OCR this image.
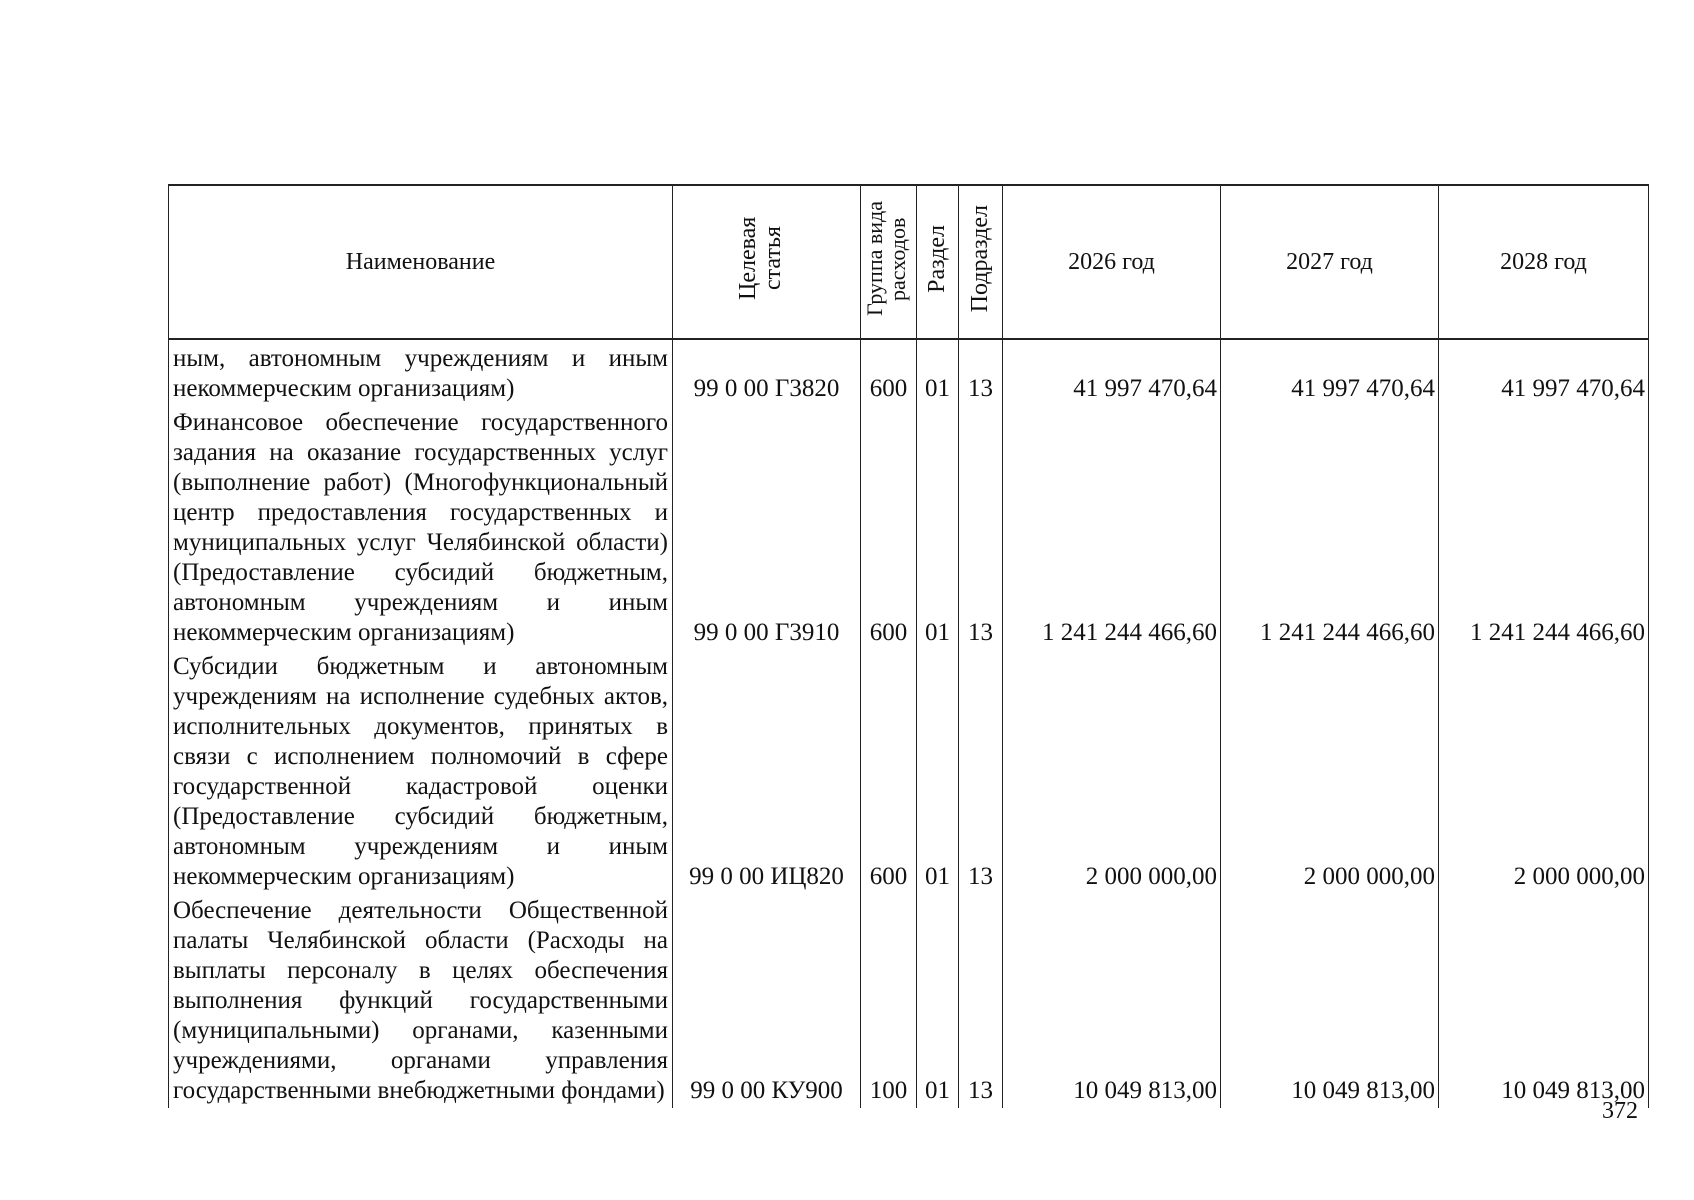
Наименование	Целевая статья	Группа вида расходов	Раздел	Подраздел	2026 год	2027 год	2028 год
ным, автономным учреждениям и иным некоммерческим организациям)	99 0 00 Г3820	600	01	13	41 997 470,64	41 997 470,64	41 997 470,64
Финансовое обеспечение государственного задания на оказание государственных услуг (выполнение работ) (Многофункциональный центр предоставления государственных и муниципальных услуг Челябинской области) (Предоставление субсидий бюджетным, автономным учреждениям и иным некоммерческим организациям)	99 0 00 Г3910	600	01	13	1 241 244 466,60	1 241 244 466,60	1 241 244 466,60
Субсидии бюджетным и автономным учреждениям на исполнение судебных актов, исполнительных документов, принятых в связи с исполнением полномочий в сфере государственной кадастровой оценки (Предоставление субсидий бюджетным, автономным учреждениям и иным некоммерческим организациям)	99 0 00 ИЦ820	600	01	13	2 000 000,00	2 000 000,00	2 000 000,00
Обеспечение деятельности Общественной палаты Челябинской области (Расходы на выплаты персоналу в целях обеспечения выполнения функций государственными (муниципальными) органами, казенными учреждениями, органами управления государственными внебюджетными фондами)	99 0 00 КУ900	100	01	13	10 049 813,00	10 049 813,00	10 049 813,00
372
